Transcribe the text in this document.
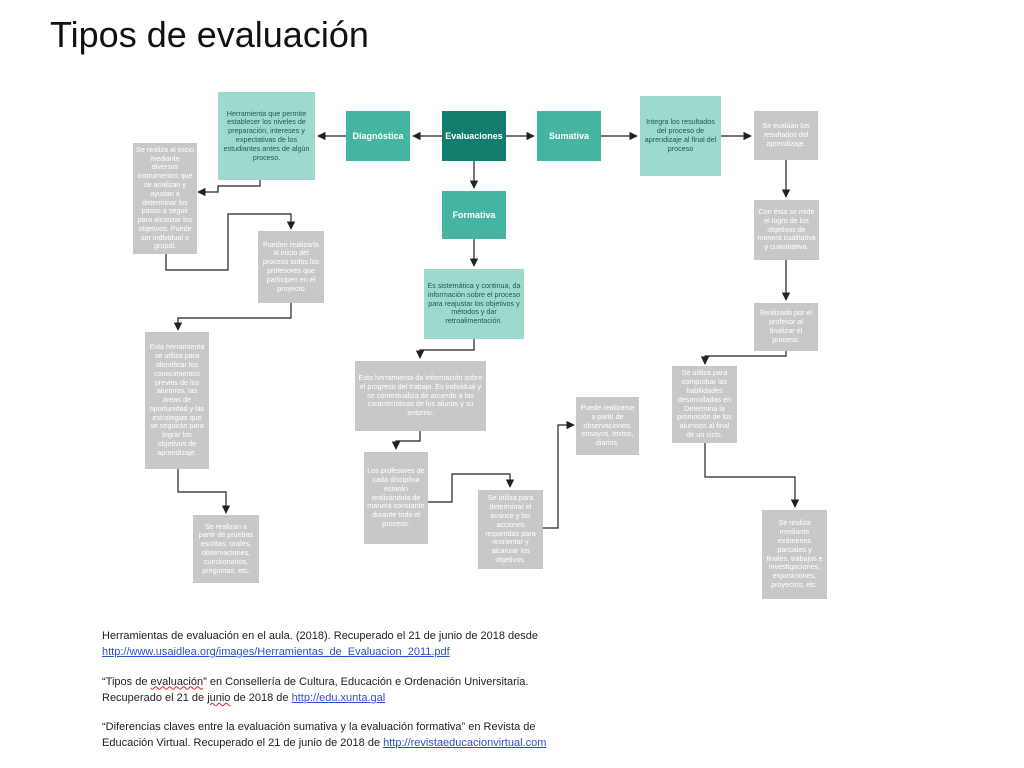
Tipos de evaluación
Evaluaciones
Diagnóstica	Sumativa
Formativa
Herramienta que permite establecer los niveles de preparación, intereses y expectativas de los estudiantes antes de algún proceso.
Se realiza al inicio mediante diversos instrumentos que se analizan y ayudan a determinar los pasos a seguir para alcanzar los objetivos. Puede ser individual o grupal.	Pueden realizarla al inicio del proceso todos los profesores que participen en el proyecto
Esta herramienta se utiliza para identificar los conocimientos previos de los alumnos, las áreas de oportunidad y las estrategias que se seguirán para lograr los objetivos de aprendizaje.
Se realizan a partir de pruebas escritas, orales, observaciones, cuestionarios, preguntas, etc.
Es sistemática y continua, da información sobre el proceso para reajustar los objetivos y métodos y dar retroalimentación.
Esta herramienta da información sobre el progreso del trabajo. Es individual y se contextualiza de acuerdo a las características de los alunos y su entorno.
Los profesores de cada disciplina estarán realizándola de manera constante durante todo el proceso.
Se utiliza para determinar el avance y las acciones requeridas para reorientar y alcanzar los objetivos.
Puede realizarse a partir de observaciones, ensayos, textos, diarios.
Integra los resultados del proceso de aprendizaje al final del proceso
Se evalúan los resultados del aprendizaje.
Con ésta se mide el logro de los objetivos de manera cualitativa y cuantitativa.
Realizada por el profesor al finalizar el proceso.
Se utiliza para comprobar las habilidades desarrolladas en Determina la promoción de los alumnos al final de un ciclo.
Se realiza mediante exámenes parciales y finales, trabajos e investigaciones, exposiciones, proyectos, etc.

Herramientas de evaluación en el aula. (2018). Recuperado el 21 de junio de 2018 desde
http://www.usaidlea.org/images/Herramientas_de_Evaluacion_2011.pdf

“Tipos de evaluación” en Consellería de Cultura, Educación e Ordenación Universitaria. Recuperado el 21 de junio de 2018 de http://edu.xunta.gal

“Diferencias claves entre la evaluación sumativa y la evaluación formativa” en Revista de Educación Virtual. Recuperado el 21 de junio de 2018 de http://revistaeducacionvirtual.com
